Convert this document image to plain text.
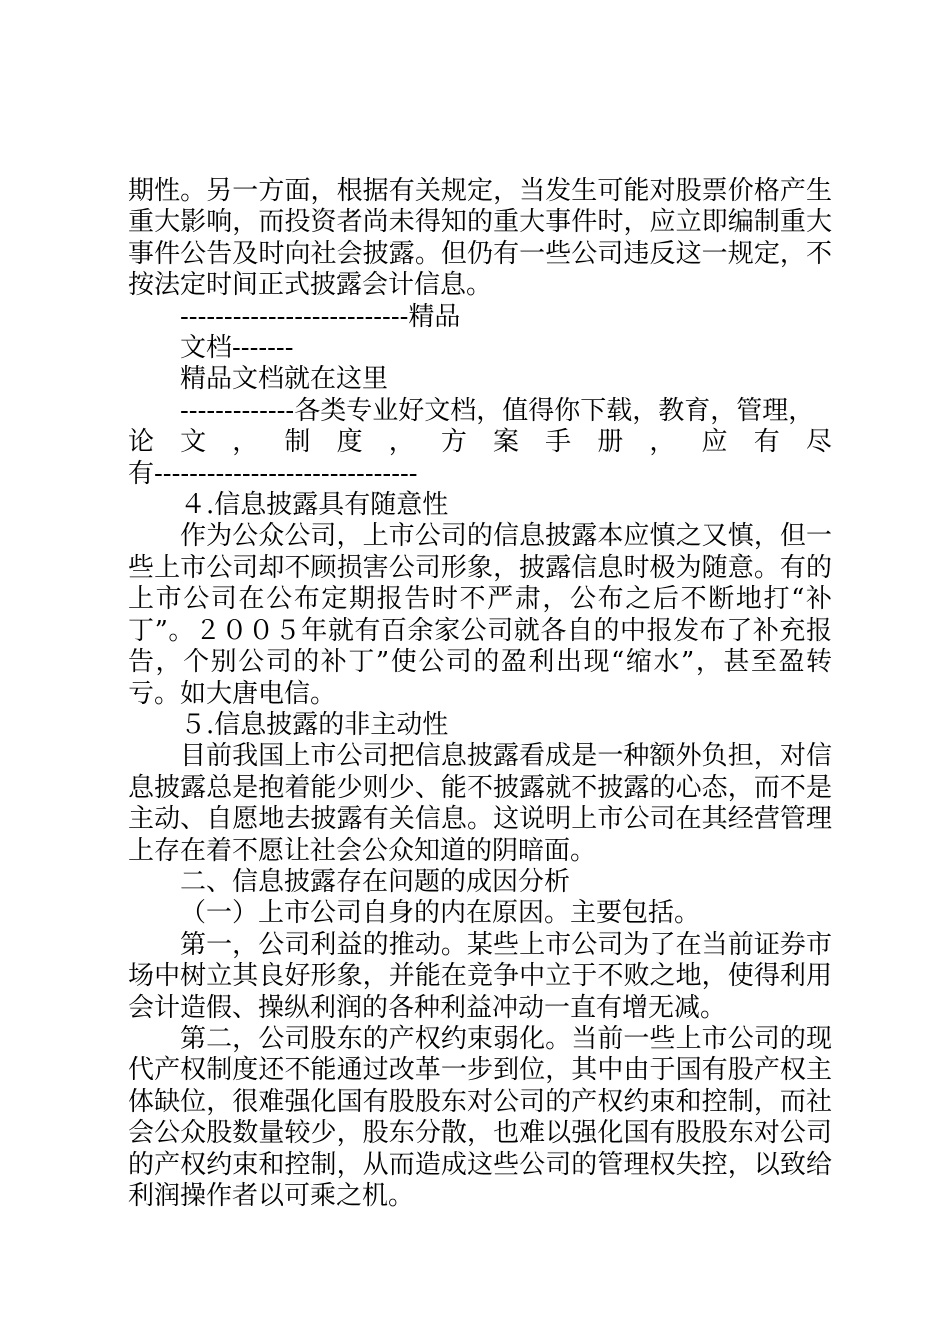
期性。另一方面，根据有关规定，当发生可能对股票价格产生重大影响，而投资者尚未得知的重大事件时，应立即编制重大事件公告及时向社会披露。但仍有一些公司违反这一规定，不按法定时间正式披露会计信息。

--------------------------精品

文档-------

精品文档就在这里

-------------各类专业好文档，值得你下载，教育，管理，

论 文 ， 制 度 ， 方 案 手 册 ， 应 有 尽

有------------------------------

４.信息披露具有随意性

作为公众公司，上市公司的信息披露本应慎之又慎，但一些上市公司却不顾损害公司形象，披露信息时极为随意。有的上市公司在公布定期报告时不严肃，公布之后不断地打“补丁”。２００５年就有百余家公司就各自的中报发布了补充报告，个别公司的补丁”使公司的盈利出现“缩水”，甚至盈转亏。如大唐电信。

５.信息披露的非主动性

目前我国上市公司把信息披露看成是一种额外负担，对信息披露总是抱着能少则少、能不披露就不披露的心态，而不是主动、自愿地去披露有关信息。这说明上市公司在其经营管理上存在着不愿让社会公众知道的阴暗面。

二、信息披露存在问题的成因分析

（一）上市公司自身的内在原因。主要包括。

第一，公司利益的推动。某些上市公司为了在当前证券市场中树立其良好形象，并能在竞争中立于不败之地，使得利用会计造假、操纵利润的各种利益冲动一直有增无减。

第二，公司股东的产权约束弱化。当前一些上市公司的现代产权制度还不能通过改革一步到位，其中由于国有股产权主体缺位，很难强化国有股股东对公司的产权约束和控制，而社会公众股数量较少，股东分散，也难以强化国有股股东对公司的产权约束和控制，从而造成这些公司的管理权失控，以致给利润操作者以可乘之机。
